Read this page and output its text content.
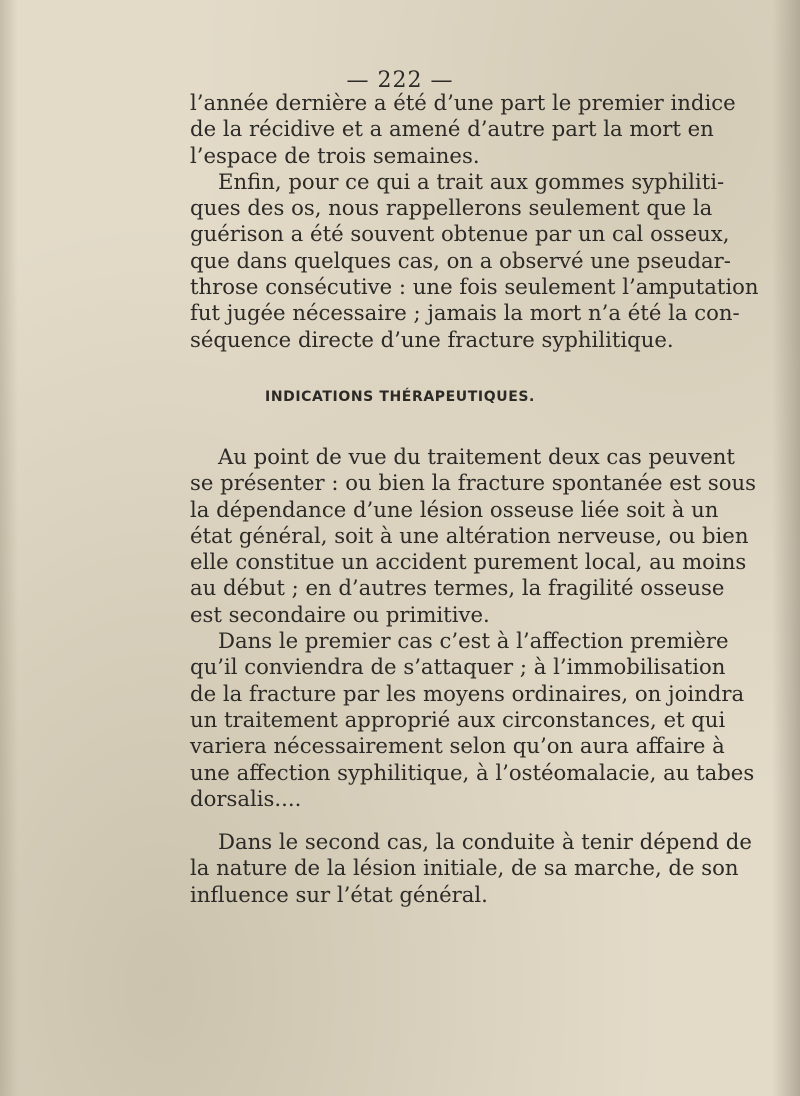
— 222 —
l’année dernière a été d’une part le premier indice
de la récidive et a amené d’autre part la mort en
l’espace de trois semaines.
Enfin, pour ce qui a trait aux gommes syphiliti-
ques des os, nous rappellerons seulement que la
guérison a été souvent obtenue par un cal osseux,
que dans quelques cas, on a observé une pseudar-
throse consécutive : une fois seulement l’amputation
fut jugée nécessaire ; jamais la mort n’a été la con-
séquence directe d’une fracture syphilitique.
INDICATIONS THÉRAPEUTIQUES.
Au point de vue du traitement deux cas peuvent
se présenter : ou bien la fracture spontanée est sous
la dépendance d’une lésion osseuse liée soit à un
état général, soit à une altération nerveuse, ou bien
elle constitue un accident purement local, au moins
au début ; en d’autres termes, la fragilité osseuse
est secondaire ou primitive.
Dans le premier cas c’est à l’affection première
qu’il conviendra de s’attaquer ; à l’immobilisation
de la fracture par les moyens ordinaires, on joindra
un traitement approprié aux circonstances, et qui
variera nécessairement selon qu’on aura affaire à
une affection syphilitique, à l’ostéomalacie, au tabes
dorsalis....
Dans le second cas, la conduite à tenir dépend de
la nature de la lésion initiale, de sa marche, de son
influence sur l’état général.
